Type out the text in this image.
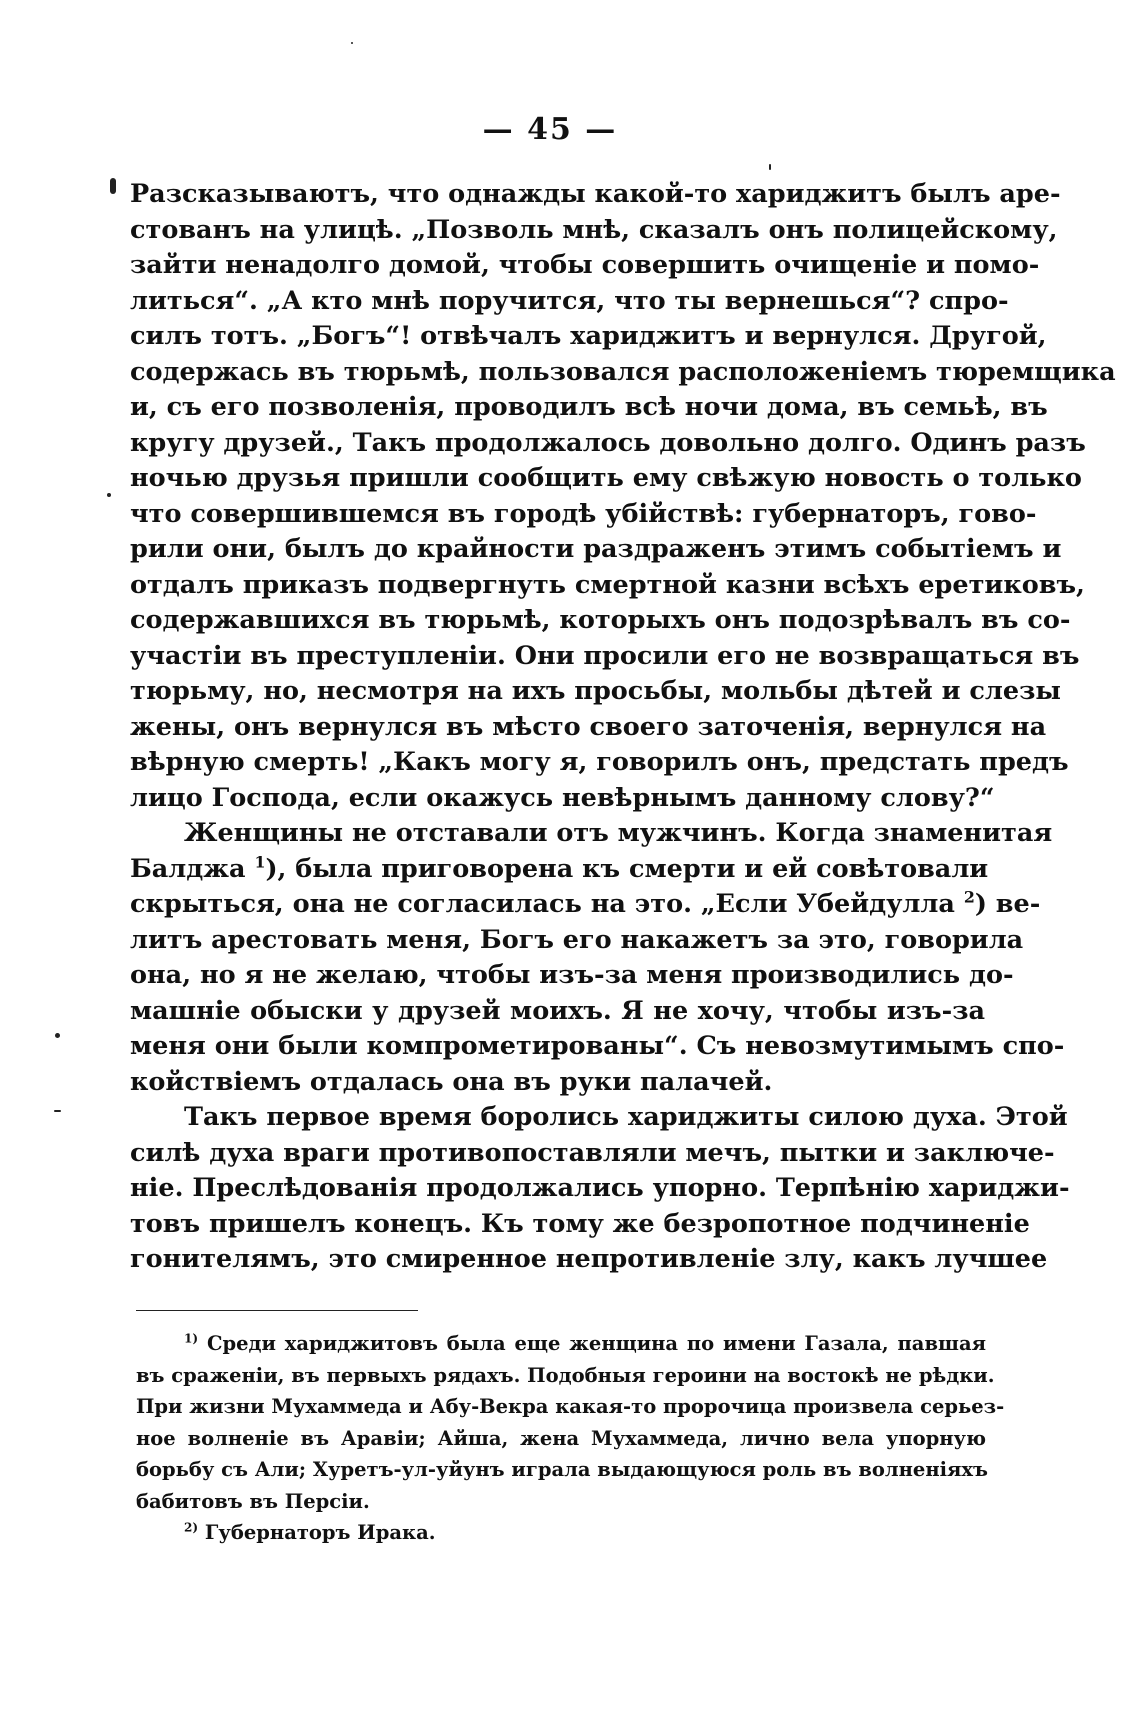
— 45 —
Разсказываютъ, что однажды какой-то хариджитъ былъ аре-
стованъ на улицѣ. „Позволь мнѣ, сказалъ онъ полицейскому,
зайти ненадолго домой, чтобы совершить очищеніе и помо-
литься“. „А кто мнѣ поручится, что ты вернешься“? спро-
силъ тотъ. „Богъ“! отвѣчалъ хариджитъ и вернулся. Другой,
содержась въ тюрьмѣ, пользовался расположеніемъ тюремщика
и, съ его позволенія, проводилъ всѣ ночи дома, въ семьѣ, въ
кругу друзей., Такъ продолжалось довольно долго. Одинъ разъ
ночью друзья пришли сообщить ему свѣжую новость о только
что совершившемся въ городѣ убійствѣ: губернаторъ, гово-
рили они, былъ до крайности раздраженъ этимъ событіемъ и
отдалъ приказъ подвергнуть смертной казни всѣхъ еретиковъ,
содержавшихся въ тюрьмѣ, которыхъ онъ подозрѣвалъ въ со-
участіи въ преступленіи. Они просили его не возвращаться въ
тюрьму, но, несмотря на ихъ просьбы, мольбы дѣтей и слезы
жены, онъ вернулся въ мѣсто своего заточенія, вернулся на
вѣрную смерть! „Какъ могу я, говорилъ онъ, предстать предъ
лицо Господа, если окажусь невѣрнымъ данному слову?“
Женщины не отставали отъ мужчинъ. Когда знаменитая
Балджа $^1$), была приговорена къ смерти и ей совѣтовали
скрыться, она не согласилась на это. „Если Убейдулла $^2$) ве-
литъ арестовать меня, Богъ его накажетъ за это, говорила
она, но я не желаю, чтобы изъ-за меня производились до-
машніе обыски у друзей моихъ. Я не хочу, чтобы изъ-за
меня они были компрометированы“. Съ невозмутимымъ спо-
койствіемъ отдалась она въ руки палачей.
Такъ первое время боролись хариджиты силою духа. Этой
силѣ духа враги противопоставляли мечъ, пытки и заключе-
ніе. Преслѣдованія продолжались упорно. Терпѣнію хариджи-
товъ пришелъ конецъ. Къ тому же безропотное подчиненіе
гонителямъ, это смиренное непротивленіе злу, какъ лучшее
$^{1)}$ Среди хариджитовъ была еще женщина по имени Газала, павшая
въ сраженіи, въ первыхъ рядахъ. Подобныя героини на востокѣ не рѣдки.
При жизни Мухаммеда и Абу-Векра какая-то пророчица произвела серьез-
ное волненіе въ Аравіи; Айша, жена Мухаммеда, лично вела упорную
борьбу съ Али; Хуретъ-ул-уйунъ играла выдающуюся роль въ волненіяхъ
бабитовъ въ Персіи.
$^{2)}$ Губернаторъ Ирака.
